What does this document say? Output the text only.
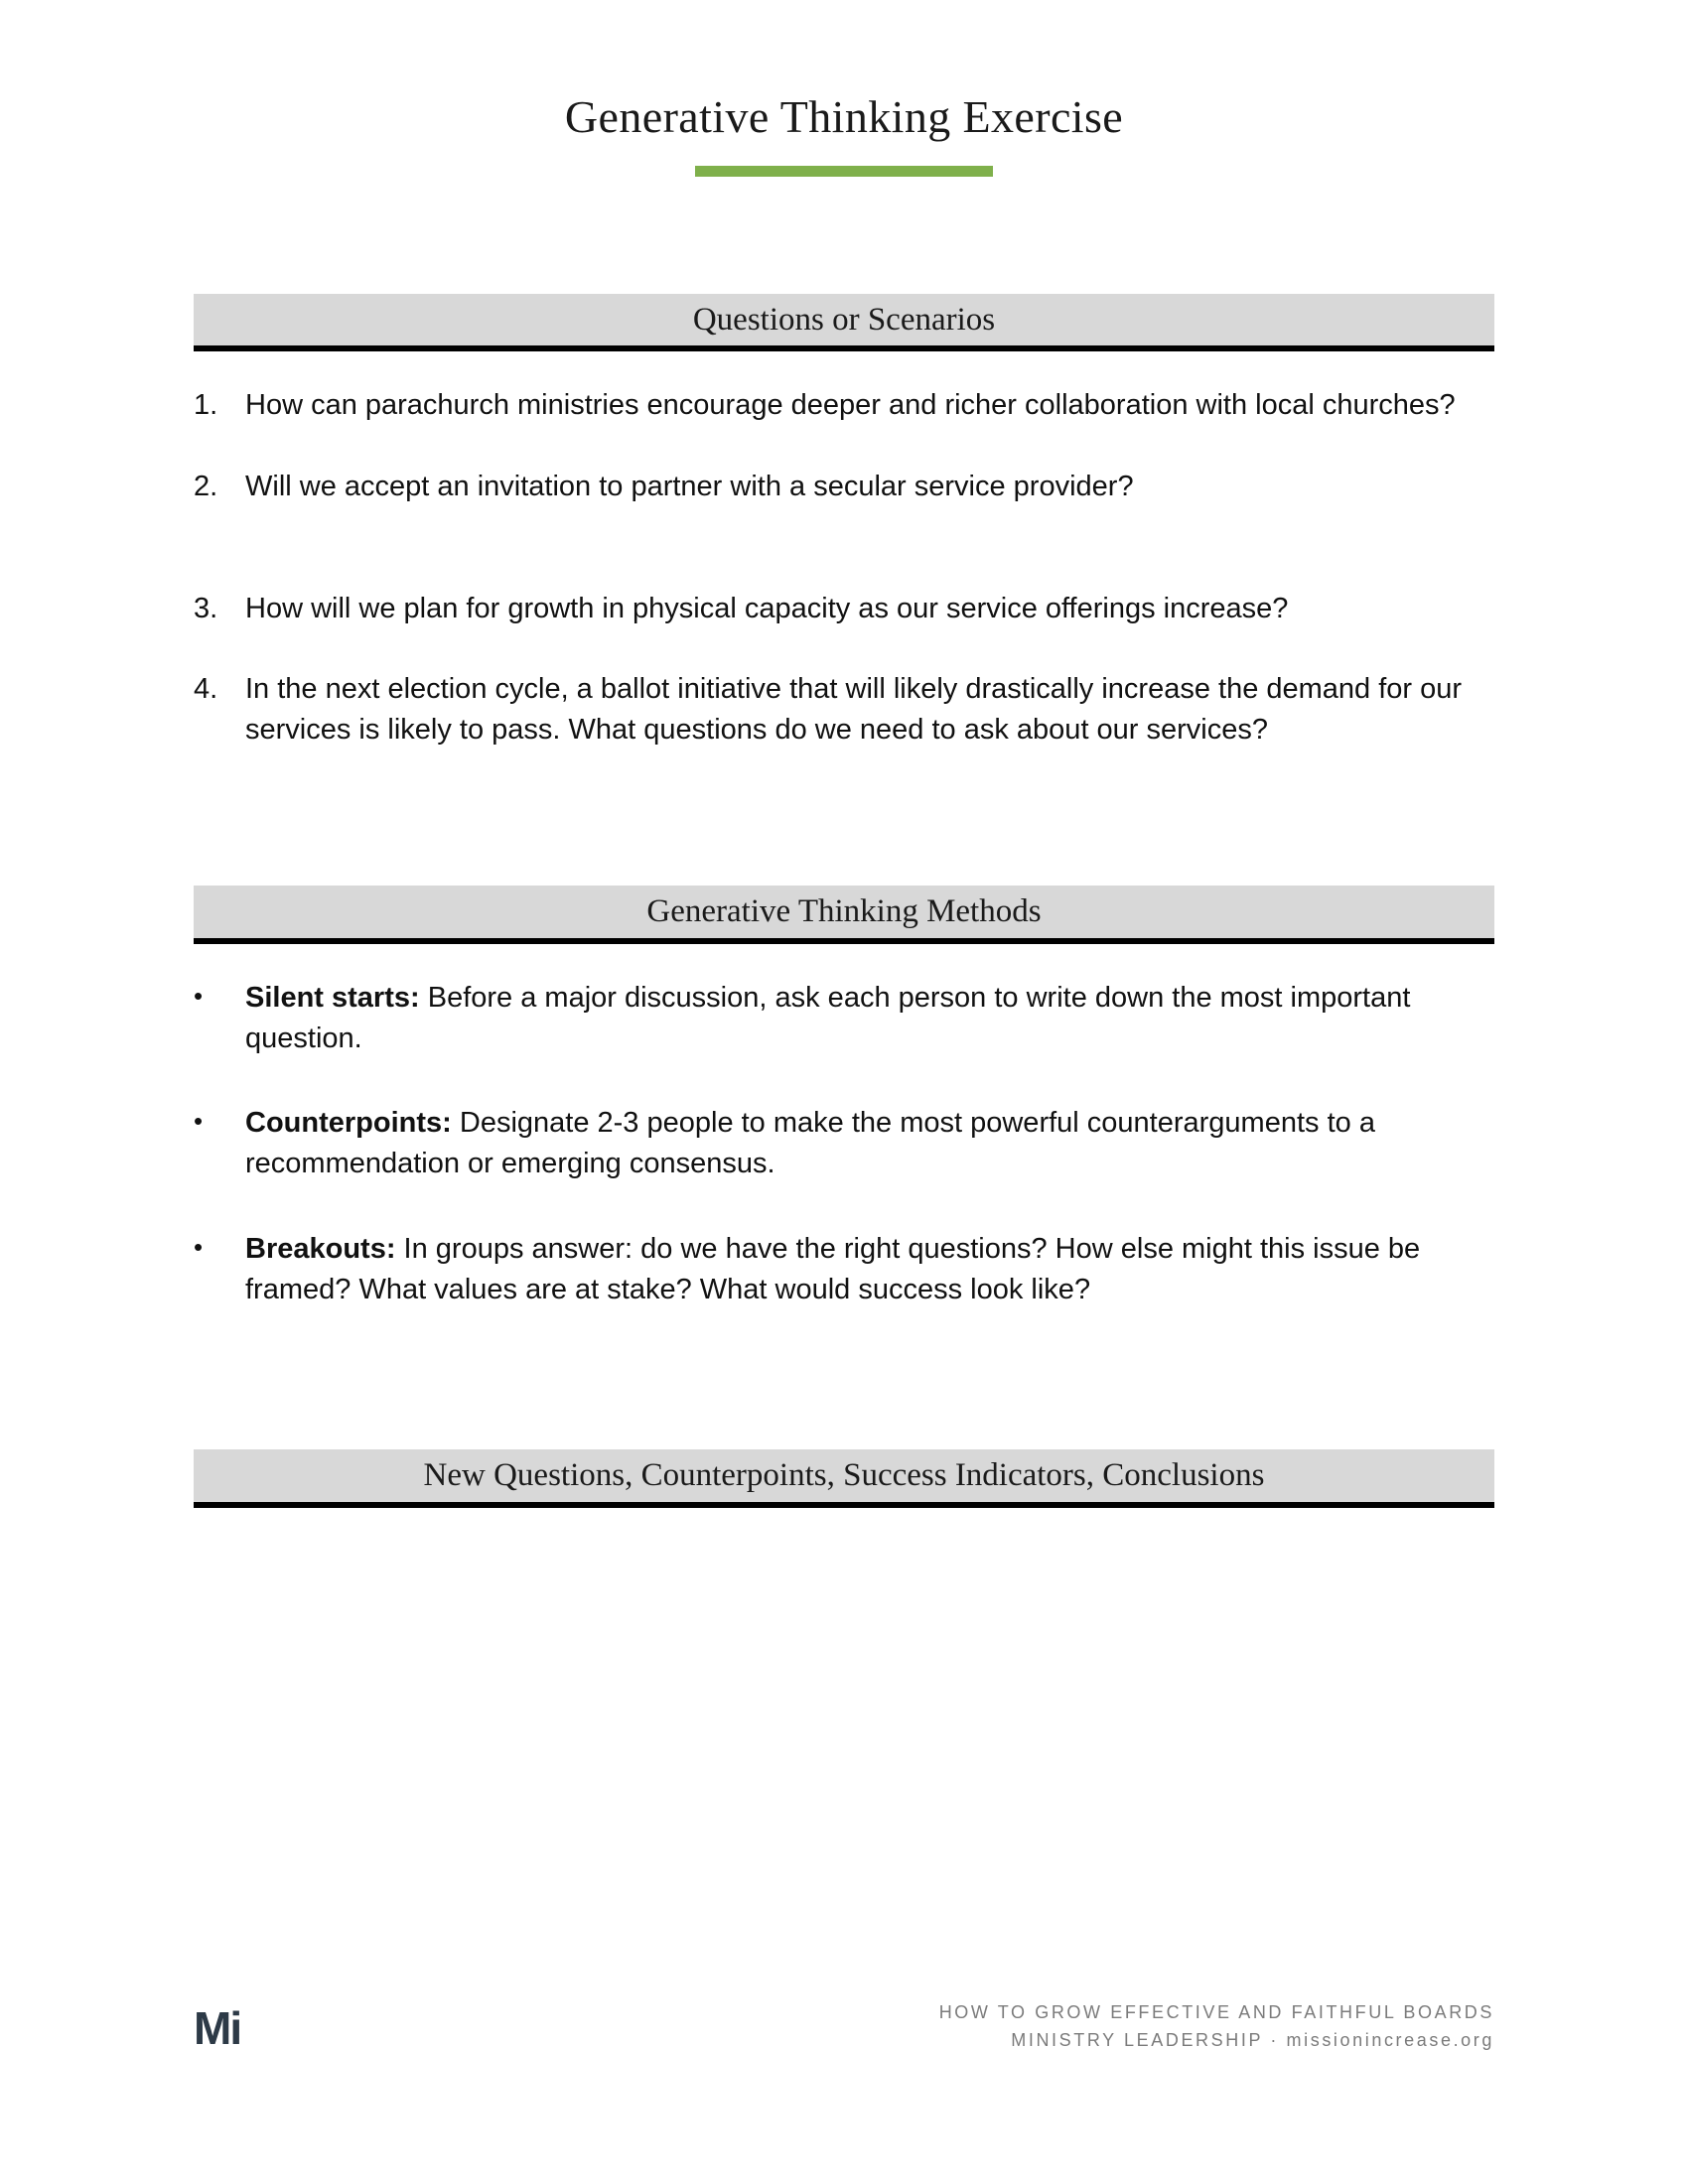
Generative Thinking Exercise
Questions or Scenarios
1. How can parachurch ministries encourage deeper and richer collaboration with local churches?
2. Will we accept an invitation to partner with a secular service provider?
3. How will we plan for growth in physical capacity as our service offerings increase?
4. In the next election cycle, a ballot initiative that will likely drastically increase the demand for our services is likely to pass. What questions do we need to ask about our services?
Generative Thinking Methods
•	Silent starts: Before a major discussion, ask each person to write down the most important question.
•	Counterpoints: Designate 2-3 people to make the most powerful counterarguments to a recommendation or emerging consensus.
•	Breakouts: In groups answer: do we have the right questions? How else might this issue be framed? What values are at stake? What would success look like?
New Questions, Counterpoints, Success Indicators, Conclusions
Mi	HOW TO GROW EFFECTIVE AND FAITHFUL BOARDS
MINISTRY LEADERSHIP · missionincrease.org
